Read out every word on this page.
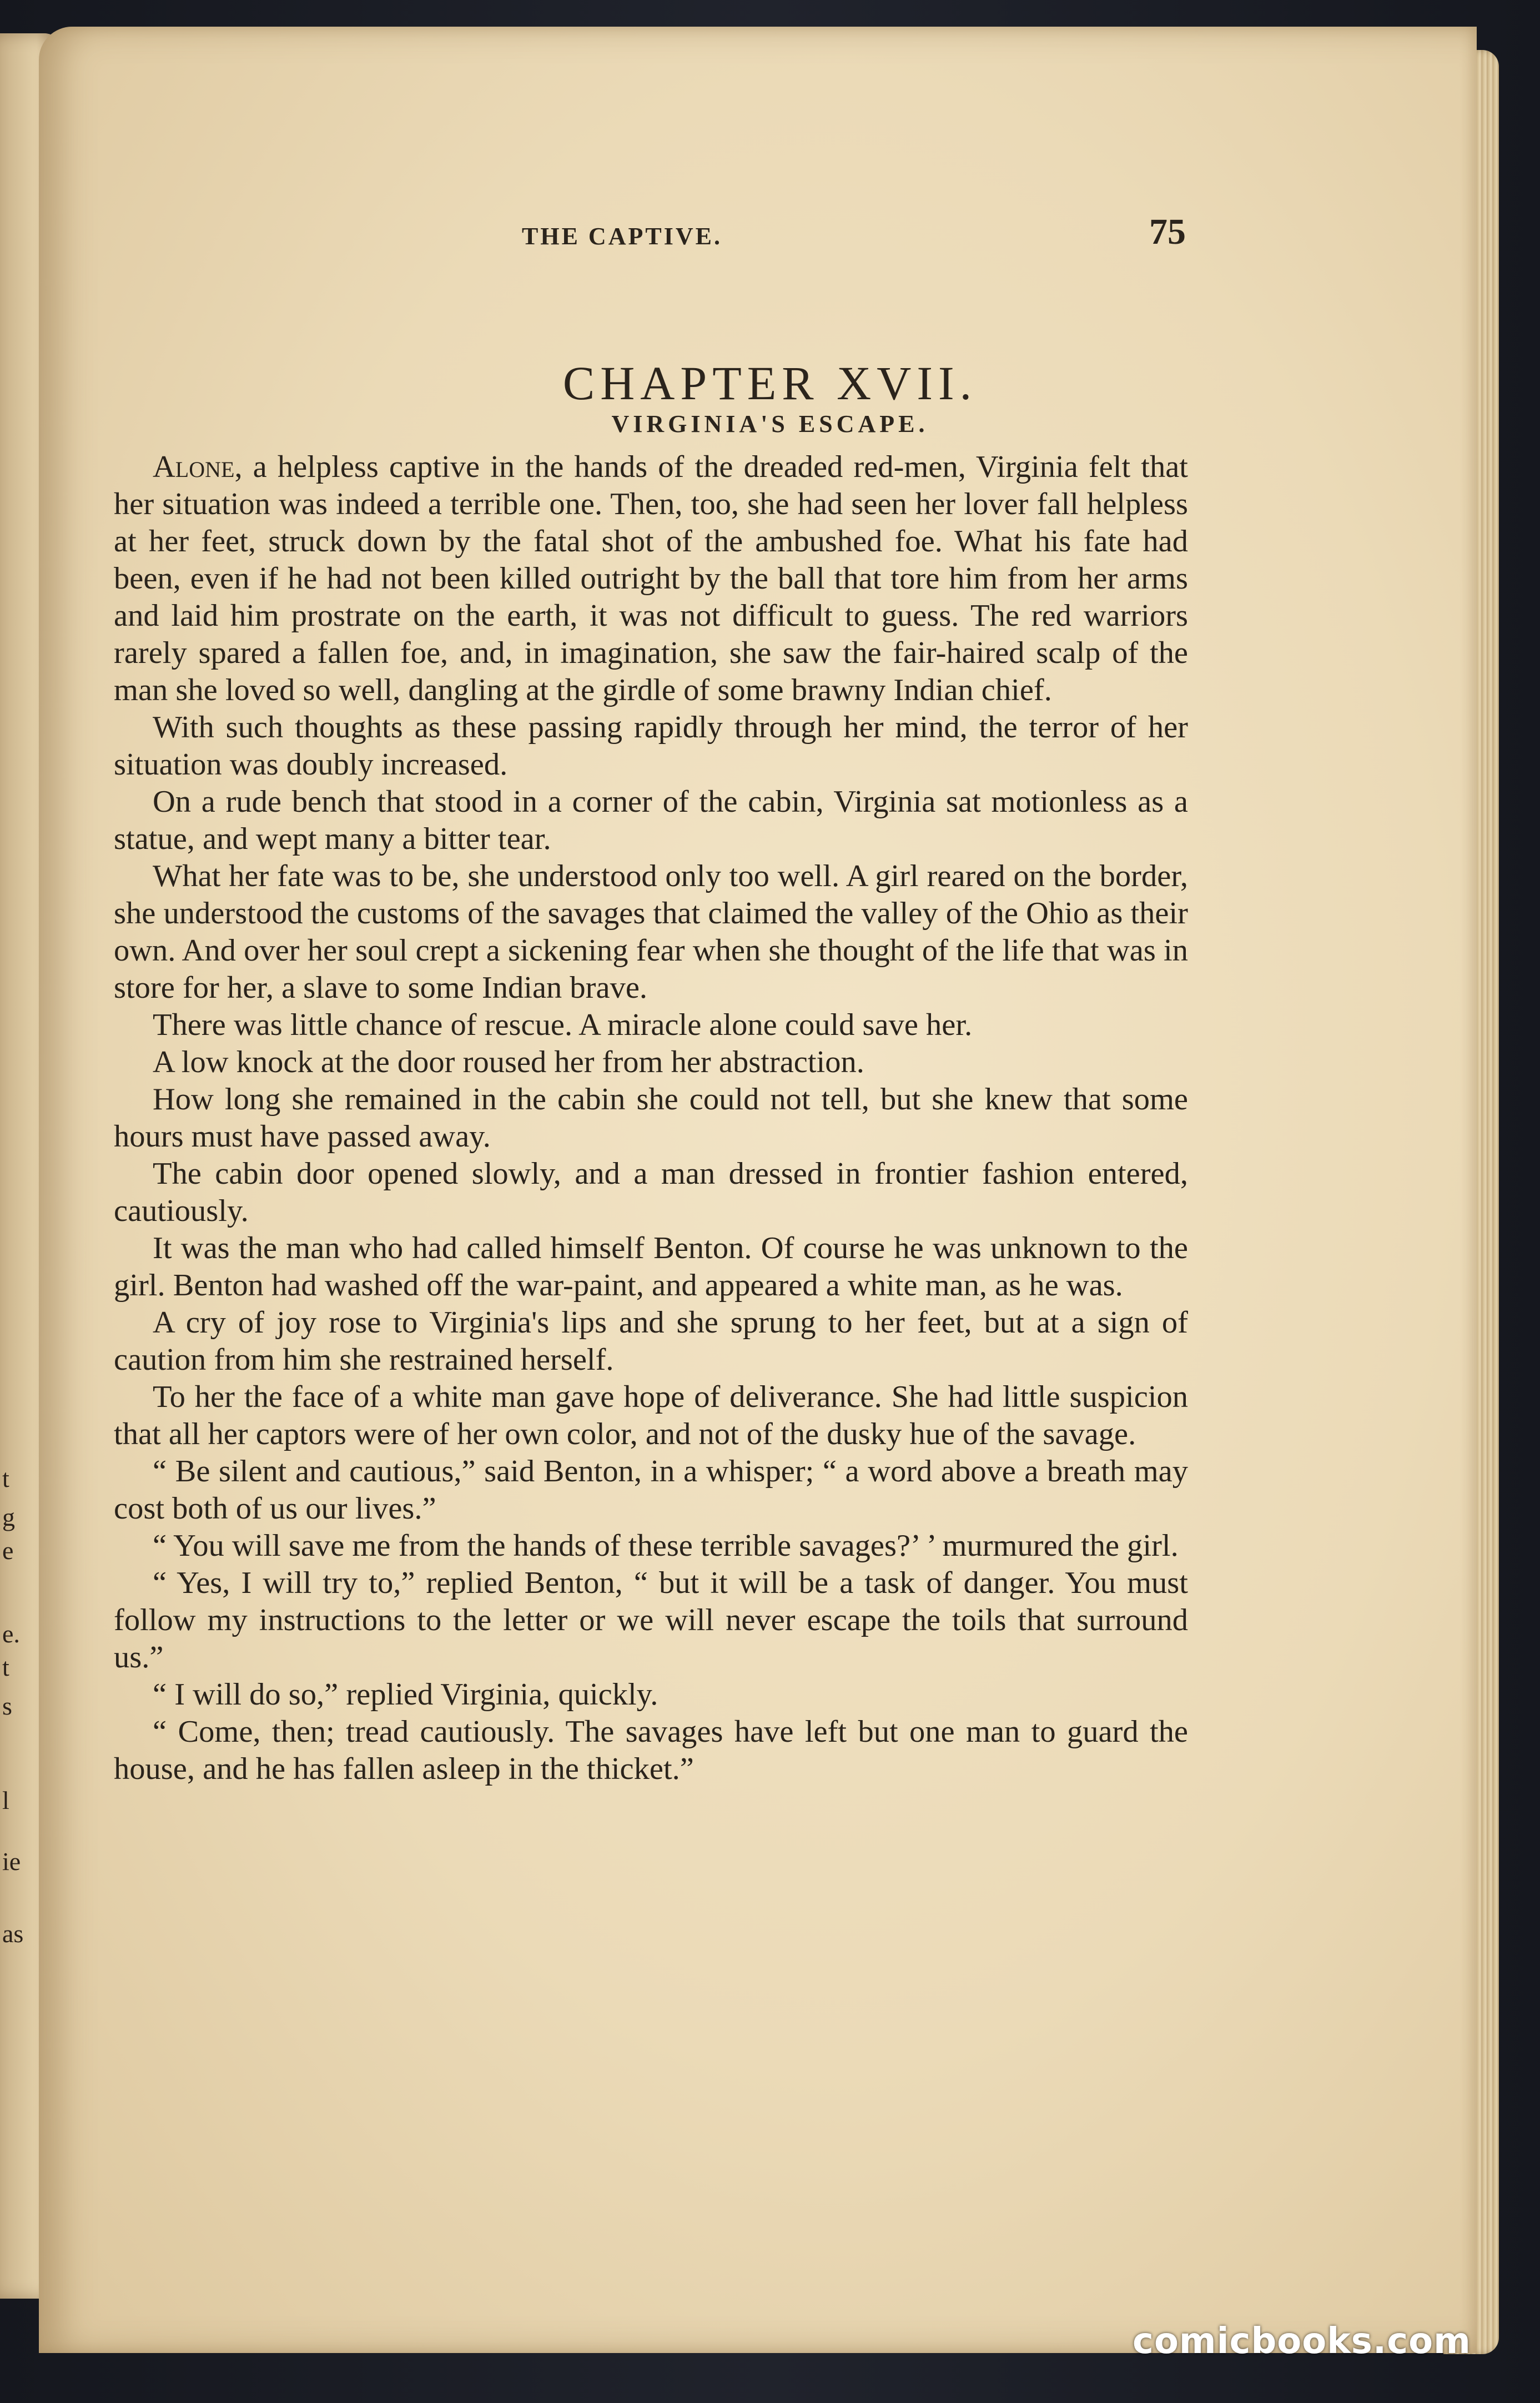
t
g
e
e.
t
s
l
ie
as
THE CAPTIVE.	75
CHAPTER XVII.
VIRGINIA'S ESCAPE.

Alone, a helpless captive in the hands of the dreaded red-men, Virginia felt that her situation was indeed a terrible one. Then, too, she had seen her lover fall helpless at her feet, struck down by the fatal shot of the ambushed foe. What his fate had been, even if he had not been killed outright by the ball that tore him from her arms and laid him prostrate on the earth, it was not difficult to guess. The red warriors rarely spared a fallen foe, and, in imagination, she saw the fair-haired scalp of the man she loved so well, dangling at the girdle of some brawny Indian chief.

With such thoughts as these passing rapidly through her mind, the terror of her situation was doubly increased.

On a rude bench that stood in a corner of the cabin, Virginia sat motionless as a statue, and wept many a bitter tear.

What her fate was to be, she understood only too well. A girl reared on the border, she understood the customs of the savages that claimed the valley of the Ohio as their own. And over her soul crept a sickening fear when she thought of the life that was in store for her, a slave to some Indian brave.

There was little chance of rescue. A miracle alone could save her.

A low knock at the door roused her from her abstraction.

How long she remained in the cabin she could not tell, but she knew that some hours must have passed away.

The cabin door opened slowly, and a man dressed in frontier fashion entered, cautiously.

It was the man who had called himself Benton. Of course he was unknown to the girl. Benton had washed off the war-paint, and appeared a white man, as he was.

A cry of joy rose to Virginia's lips and she sprung to her feet, but at a sign of caution from him she restrained herself.

To her the face of a white man gave hope of deliverance. She had little suspicion that all her captors were of her own color, and not of the dusky hue of the savage.

“ Be silent and cautious,” said Benton, in a whisper; “ a word above a breath may cost both of us our lives.”

“ You will save me from the hands of these terrible savages?’ ’ murmured the girl.

“ Yes, I will try to,” replied Benton, “ but it will be a task of danger. You must follow my instructions to the letter or we will never escape the toils that surround us.”

“ I will do so,” replied Virginia, quickly.

“ Come, then; tread cautiously. The savages have left but one man to guard the house, and he has fallen asleep in the thicket.”

comicbooks.com
